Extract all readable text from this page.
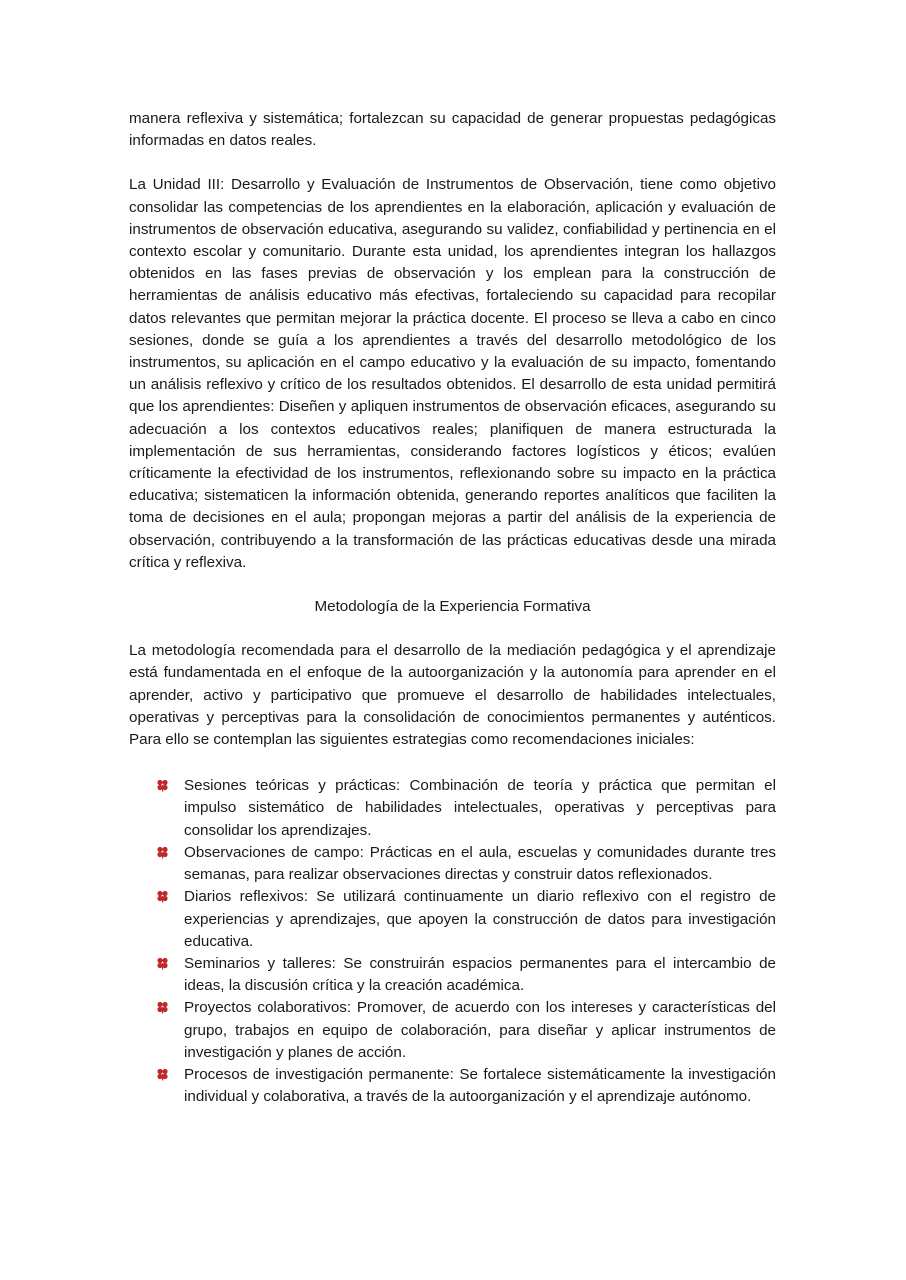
manera reflexiva y sistemática; fortalezcan su capacidad de generar propuestas pedagógicas informadas en datos reales.

La Unidad III: Desarrollo y Evaluación de Instrumentos de Observación, tiene como objetivo consolidar las competencias de los aprendientes en la elaboración, aplicación y evaluación de instrumentos de observación educativa, asegurando su validez, confiabilidad y pertinencia en el contexto escolar y comunitario. Durante esta unidad, los aprendientes integran los hallazgos obtenidos en las fases previas de observación y los emplean para la construcción de herramientas de análisis educativo más efectivas, fortaleciendo su capacidad para recopilar datos relevantes que permitan mejorar la práctica docente. El proceso se lleva a cabo en cinco sesiones, donde se guía a los aprendientes a través del desarrollo metodológico de los instrumentos, su aplicación en el campo educativo y la evaluación de su impacto, fomentando un análisis reflexivo y crítico de los resultados obtenidos. El desarrollo de esta unidad permitirá que los aprendientes: Diseñen y apliquen instrumentos de observación eficaces, asegurando su adecuación a los contextos educativos reales; planifiquen de manera estructurada la implementación de sus herramientas, considerando factores logísticos y éticos; evalúen críticamente la efectividad de los instrumentos, reflexionando sobre su impacto en la práctica educativa; sistematicen la información obtenida, generando reportes analíticos que faciliten la toma de decisiones en el aula; propongan mejoras a partir del análisis de la experiencia de observación, contribuyendo a la transformación de las prácticas educativas desde una mirada crítica y reflexiva.

Metodología de la Experiencia Formativa

La metodología recomendada para el desarrollo de la mediación pedagógica y el aprendizaje está fundamentada en el enfoque de la autoorganización y la autonomía para aprender en el aprender, activo y participativo que promueve el desarrollo de habilidades intelectuales, operativas y perceptivas para la consolidación de conocimientos permanentes y auténticos. Para ello se contemplan las siguientes estrategias como recomendaciones iniciales:

Sesiones teóricas y prácticas: Combinación de teoría y práctica que permitan el impulso sistemático de habilidades intelectuales, operativas y perceptivas para consolidar los aprendizajes.
Observaciones de campo: Prácticas en el aula, escuelas y comunidades durante tres semanas, para realizar observaciones directas y construir datos reflexionados.
Diarios reflexivos: Se utilizará continuamente un diario reflexivo con el registro de experiencias y aprendizajes, que apoyen la construcción de datos para investigación educativa.
Seminarios y talleres: Se construirán espacios permanentes para el intercambio de ideas, la discusión crítica y la creación académica.
Proyectos colaborativos: Promover, de acuerdo con los intereses y características del grupo, trabajos en equipo de colaboración, para diseñar y aplicar instrumentos de investigación y planes de acción.
Procesos de investigación permanente: Se fortalece sistemáticamente la investigación individual y colaborativa, a través de la autoorganización y el aprendizaje autónomo.
